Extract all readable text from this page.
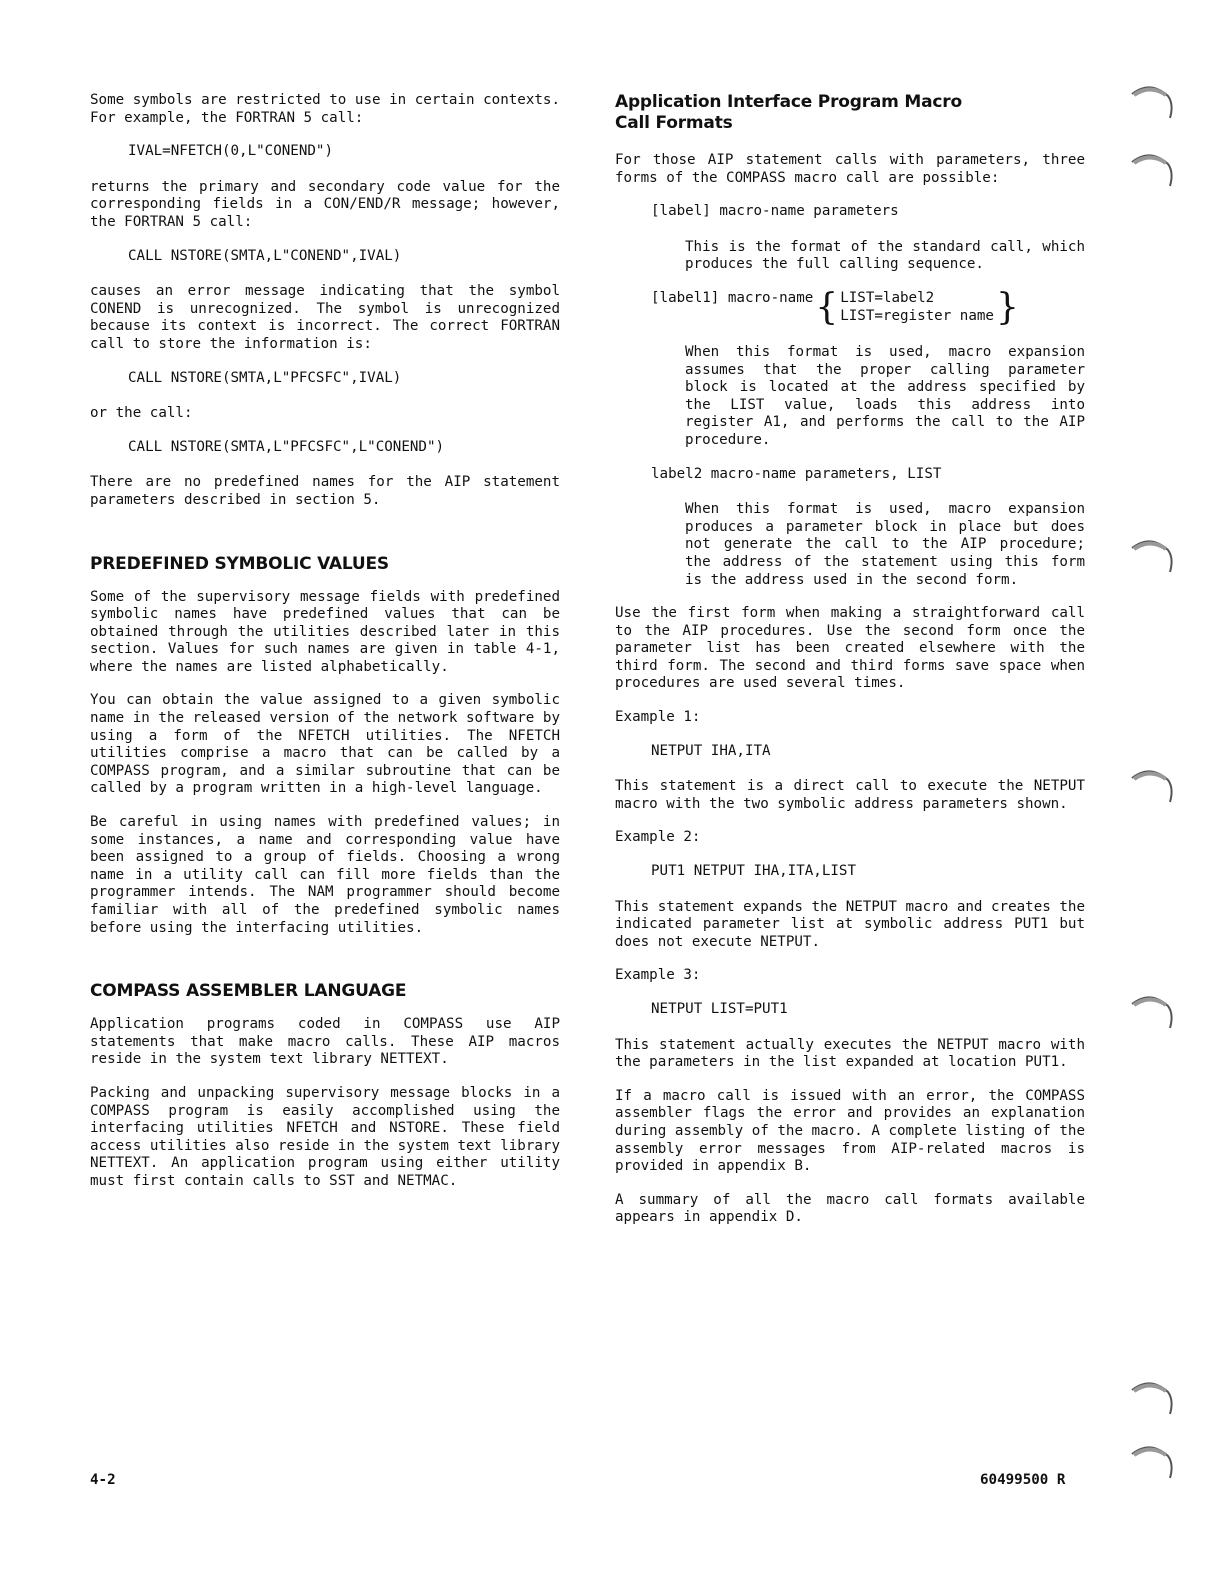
Some symbols are restricted to use in certain contexts. For example, the FORTRAN 5 call:

IVAL=NFETCH(0,L"CONEND")

returns the primary and secondary code value for the corresponding fields in a CON/END/R message; however, the FORTRAN 5 call:

CALL NSTORE(SMTA,L"CONEND",IVAL)

causes an error message indicating that the symbol CONEND is unrecognized. The symbol is unrecognized because its context is incorrect. The correct FORTRAN call to store the information is:

CALL NSTORE(SMTA,L"PFCSFC",IVAL)

or the call:

CALL NSTORE(SMTA,L"PFCSFC",L"CONEND")

There are no predefined names for the AIP statement parameters described in section 5.

PREDEFINED SYMBOLIC VALUES

Some of the supervisory message fields with predefined symbolic names have predefined values that can be obtained through the utilities described later in this section. Values for such names are given in table 4-1, where the names are listed alphabetically.

You can obtain the value assigned to a given symbolic name in the released version of the network software by using a form of the NFETCH utilities. The NFETCH utilities comprise a macro that can be called by a COMPASS program, and a similar subroutine that can be called by a program written in a high-level language.

Be careful in using names with predefined values; in some instances, a name and corresponding value have been assigned to a group of fields. Choosing a wrong name in a utility call can fill more fields than the programmer intends. The NAM programmer should become familiar with all of the predefined symbolic names before using the interfacing utilities.

COMPASS ASSEMBLER LANGUAGE

Application programs coded in COMPASS use AIP statements that make macro calls. These AIP macros reside in the system text library NETTEXT.

Packing and unpacking supervisory message blocks in a COMPASS program is easily accomplished using the interfacing utilities NFETCH and NSTORE. These field access utilities also reside in the system text library NETTEXT. An application program using either utility must first contain calls to SST and NETMAC.

Application Interface Program Macro
Call Formats

For those AIP statement calls with parameters, three forms of the COMPASS macro call are possible:

[label] macro-name parameters

This is the format of the standard call, which produces the full calling sequence.

[label1] macro-name { LIST=label2
LIST=register name }

When this format is used, macro expansion assumes that the proper calling parameter block is located at the address specified by the LIST value, loads this address into register A1, and performs the call to the AIP procedure.

label2 macro-name parameters, LIST

When this format is used, macro expansion produces a parameter block in place but does not generate the call to the AIP procedure; the address of the statement using this form is the address used in the second form.

Use the first form when making a straightforward call to the AIP procedures. Use the second form once the parameter list has been created elsewhere with the third form. The second and third forms save space when procedures are used several times.

Example 1:

NETPUT IHA,ITA

This statement is a direct call to execute the NETPUT macro with the two symbolic address parameters shown.

Example 2:

PUT1 NETPUT IHA,ITA,LIST

This statement expands the NETPUT macro and creates the indicated parameter list at symbolic address PUT1 but does not execute NETPUT.

Example 3:

NETPUT LIST=PUT1

This statement actually executes the NETPUT macro with the parameters in the list expanded at location PUT1.

If a macro call is issued with an error, the COMPASS assembler flags the error and provides an explanation during assembly of the macro. A complete listing of the assembly error messages from AIP-related macros is provided in appendix B.

A summary of all the macro call formats available appears in appendix D.

4-2	60499500 R
